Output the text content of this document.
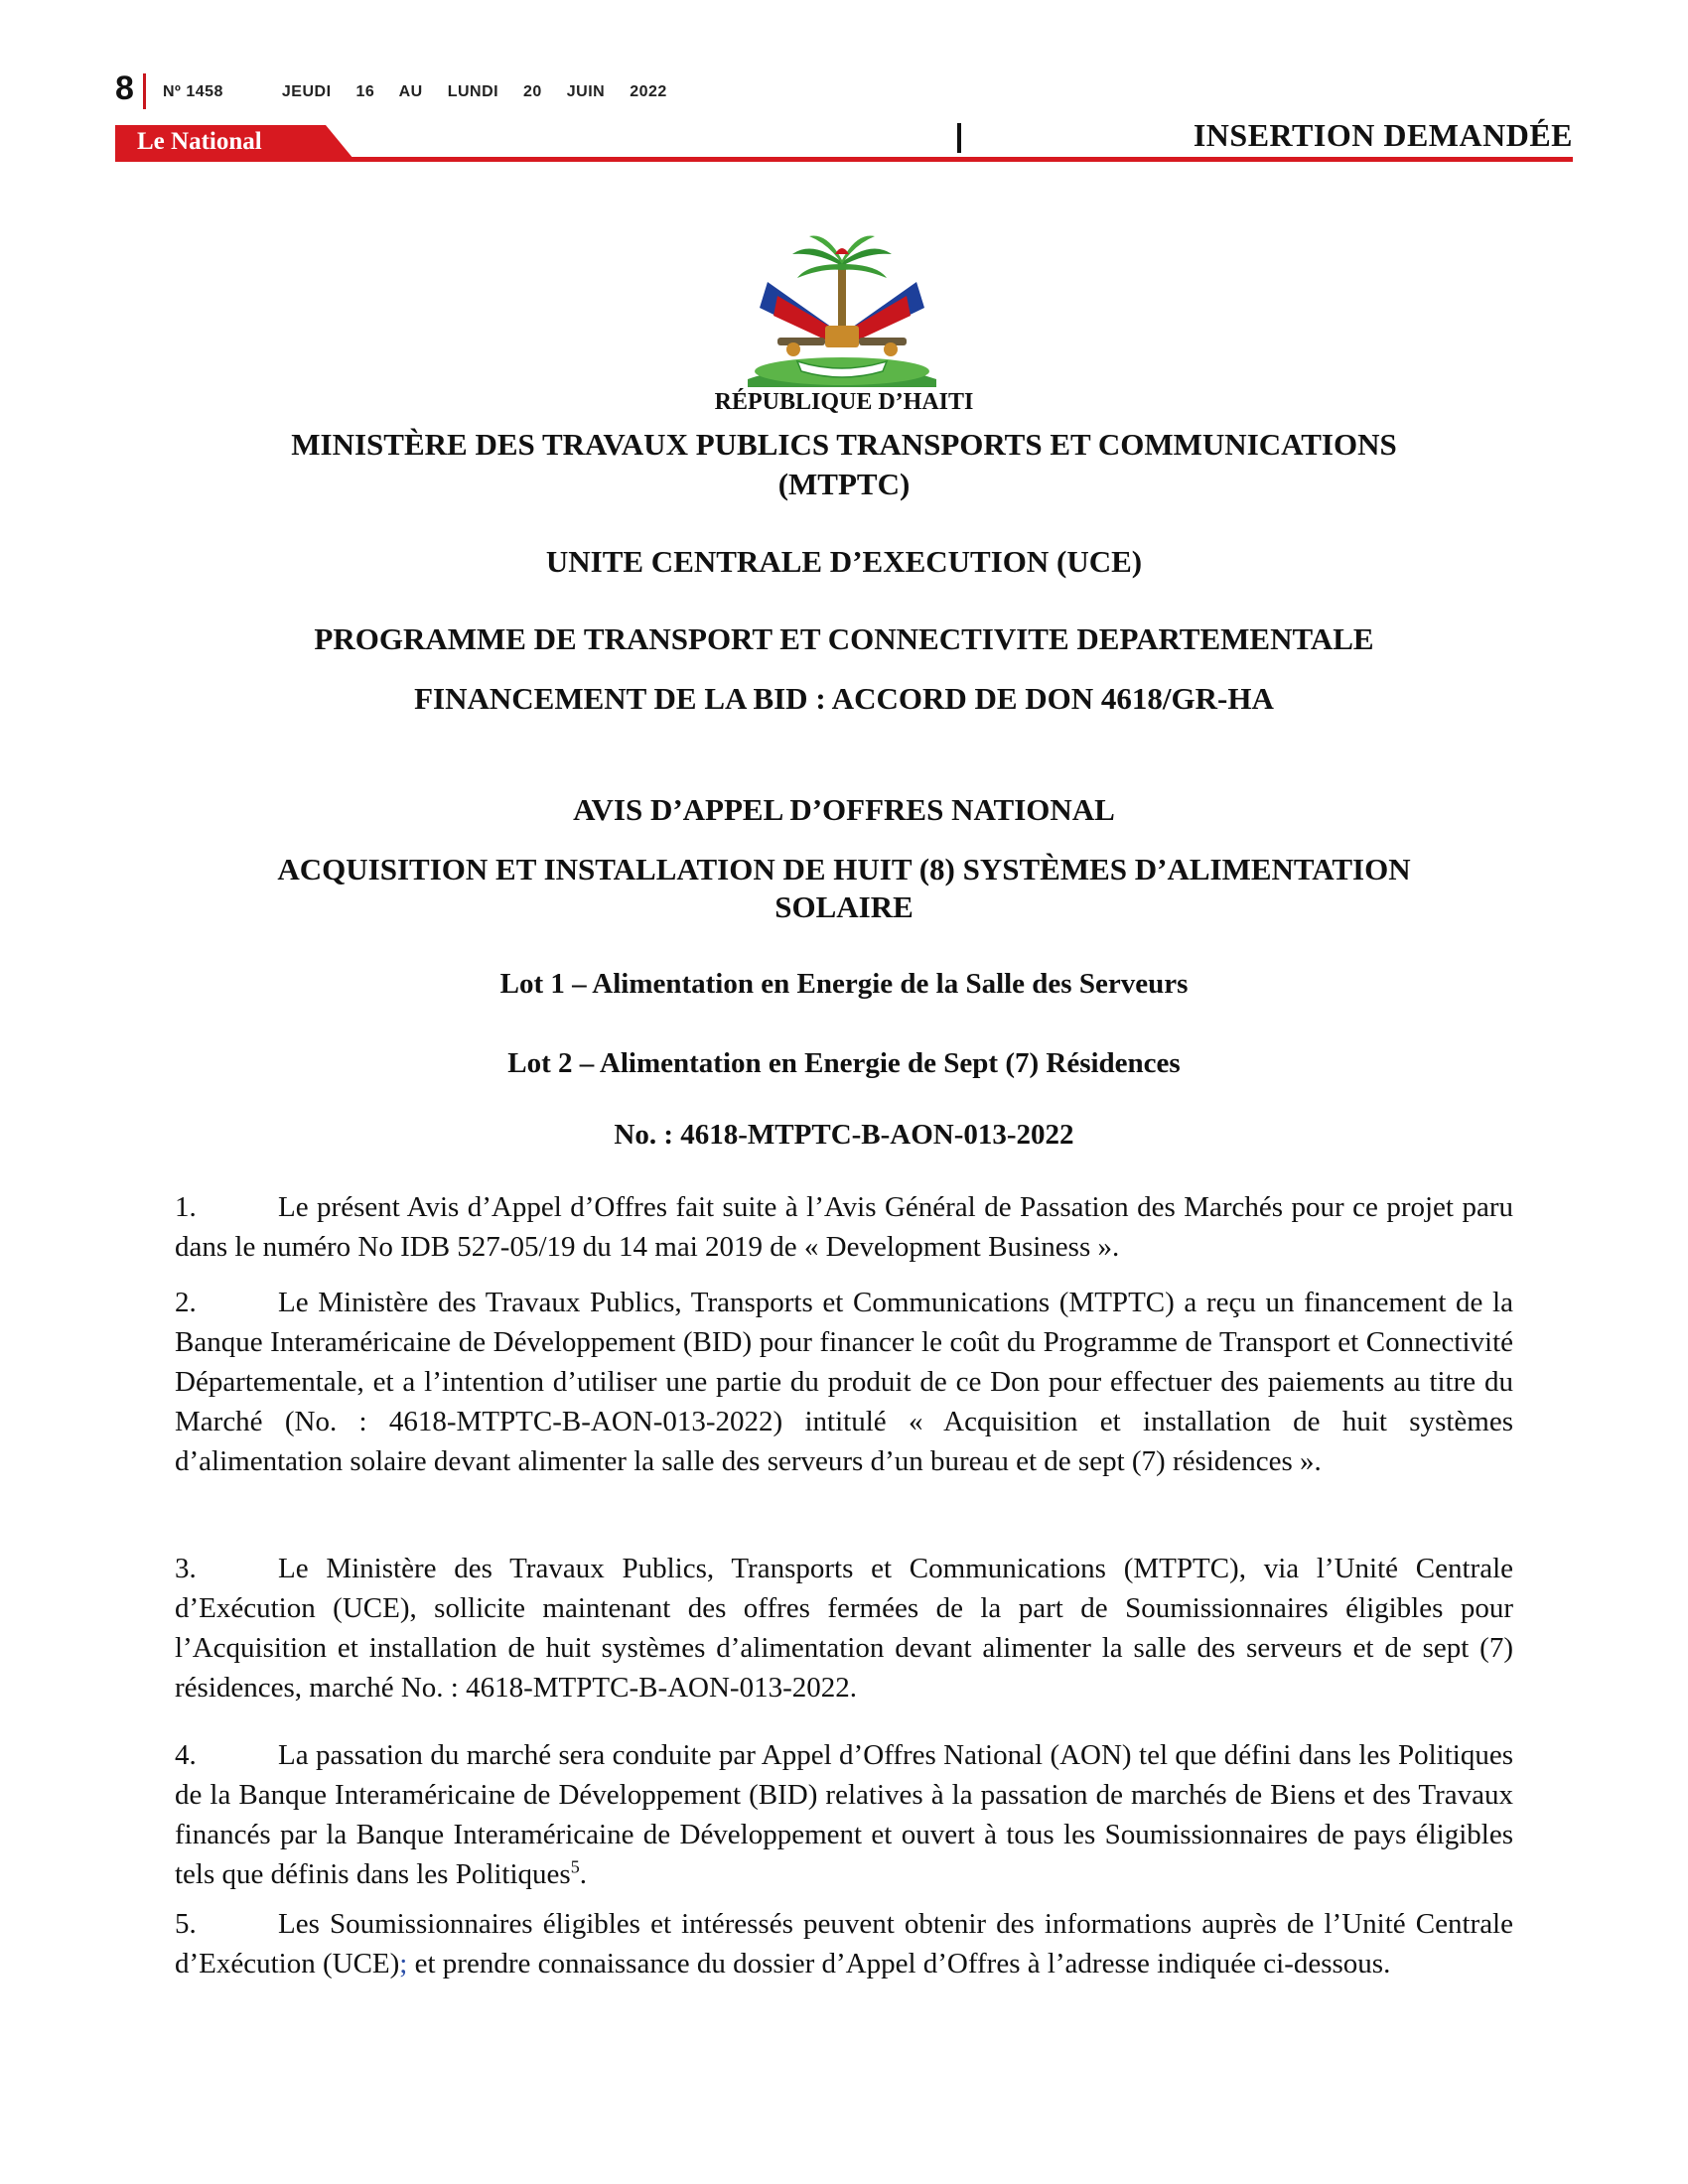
8 Nº 1458	JEUDI 16 AU LUNDI 20 JUIN 2022
Le National	INSERTION DEMANDÉE
RÉPUBLIQUE D’HAITI
MINISTÈRE DES TRAVAUX PUBLICS TRANSPORTS ET COMMUNICATIONS
(MTPTC)
UNITE CENTRALE D’EXECUTION (UCE)
PROGRAMME DE TRANSPORT ET CONNECTIVITE DEPARTEMENTALE
FINANCEMENT DE LA BID : ACCORD DE DON 4618/GR-HA
AVIS D’APPEL D’OFFRES NATIONAL
ACQUISITION ET INSTALLATION DE HUIT (8) SYSTÈMES D’ALIMENTATION
SOLAIRE
Lot 1 – Alimentation en Energie de la Salle des Serveurs
Lot 2 – Alimentation en Energie de Sept (7) Résidences
No. : 4618-MTPTC-B-AON-013-2022
1.	Le présent Avis d’Appel d’Offres fait suite à l’Avis Général de Passation des Marchés pour ce projet paru dans le numéro No IDB 527-05/19 du 14 mai 2019 de « Development Business ».
2.	Le Ministère des Travaux Publics, Transports et Communications (MTPTC) a reçu un financement de la Banque Interaméricaine de Développement (BID) pour financer le coût du Programme de Transport et Connectivité Départementale, et a l’intention d’utiliser une partie du produit de ce Don pour effectuer des paiements au titre du Marché (No. : 4618-MTPTC-B-AON-013-2022) intitulé « Acquisition et installation de huit systèmes d’alimentation solaire devant alimenter la salle des serveurs d’un bureau et de sept (7) résidences ».
3.	Le Ministère des Travaux Publics, Transports et Communications (MTPTC), via l’Unité Centrale d’Exécution (UCE), sollicite maintenant des offres fermées de la part de Soumissionnaires éligibles pour l’Acquisition et installation de huit systèmes d’alimentation devant alimenter la salle des serveurs et de sept (7) résidences, marché No. : 4618-MTPTC-B-AON-013-2022.
4.	La passation du marché sera conduite par Appel d’Offres National (AON) tel que défini dans les Politiques de la Banque Interaméricaine de Développement (BID) relatives à la passation de marchés de Biens et des Travaux financés par la Banque Interaméricaine de Développement et ouvert à tous les Soumissionnaires de pays éligibles tels que définis dans les Politiques$^5$.
5.	Les Soumissionnaires éligibles et intéressés peuvent obtenir des informations auprès de l’Unité Centrale d’Exécution (UCE); et prendre connaissance du dossier d’Appel d’Offres à l’adresse indiquée ci-dessous.
